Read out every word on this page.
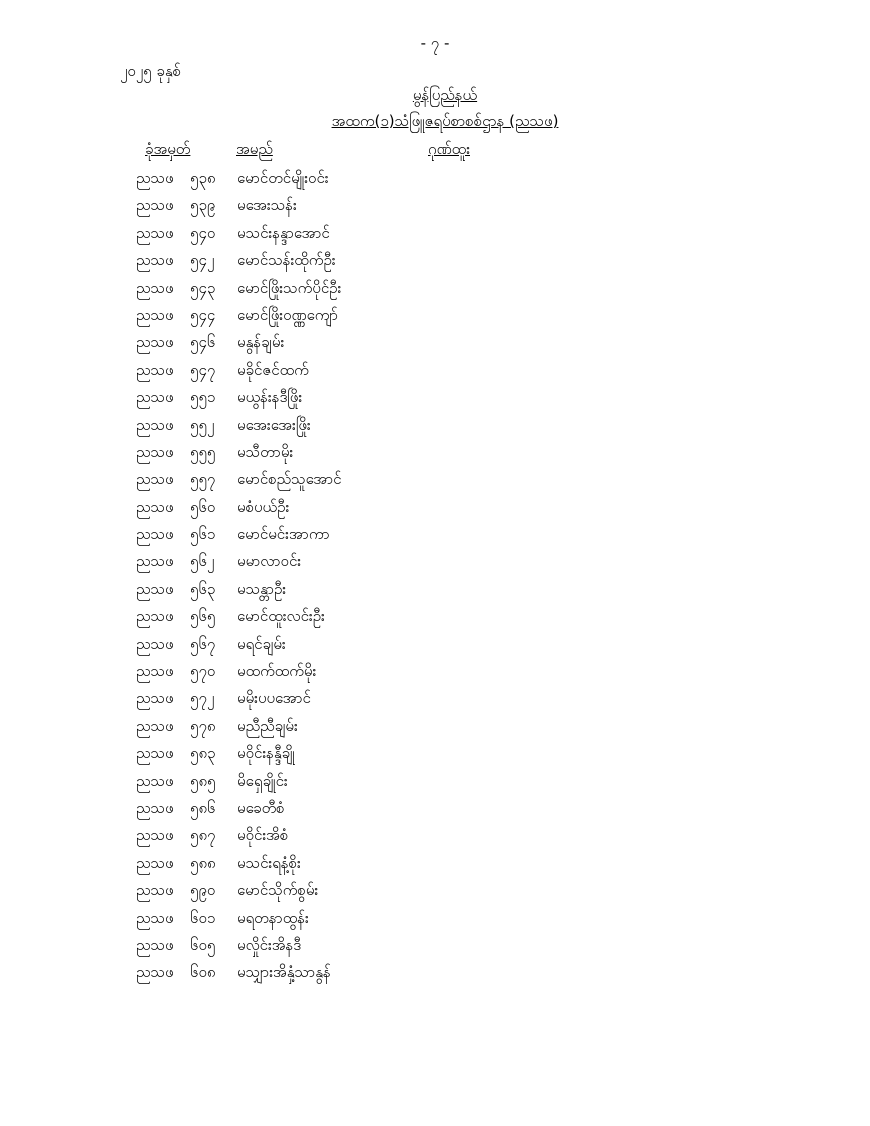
- ၇ -
၂၀၂၅ ခုနှစ်
မွန်ပြည်နယ်
အထက(၁)သံဖြူဇရပ်စာစစ်ဌာန (ညသဖ)
ခုံအမှတ်	အမည်	ဂုဏ်ထူး
ညသဖ ၅၃၈ မောင်တင်မျိုးဝင်း
ညသဖ ၅၃၉ မအေးသန်း
ညသဖ ၅၄၀ မသင်းနန္ဒာအောင်
ညသဖ ၅၄၂ မောင်သန်းထိုက်ဦး
ညသဖ ၅၄၃ မောင်ဖြိုးသက်ပိုင်ဦး
ညသဖ ၅၄၄ မောင်ဖြိုးဝဏ္ဏကျော်
ညသဖ ၅၄၆ မနွန်ချမ်း
ညသဖ ၅၄၇ မခိုင်ဇင်ထက်
ညသဖ ၅၅၁ မယွန်းနဒီဖြိုး
ညသဖ ၅၅၂ မအေးအေးဖြိုး
ညသဖ ၅၅၅ မသီတာမိုး
ညသဖ ၅၅၇ မောင်စည်သူအောင်
ညသဖ ၅၆၀ မစံပယ်ဦး
ညသဖ ၅၆၁ မောင်မင်းအာကာ
ညသဖ ၅၆၂ မမာလာဝင်း
ညသဖ ၅၆၃ မသန္တာဦး
ညသဖ ၅၆၅ မောင်ထူးလင်းဦး
ညသဖ ၅၆၇ မရင်ချမ်း
ညသဖ ၅၇၀ မထက်ထက်မိုး
ညသဖ ၅၇၂ မမိုးပပအောင်
ညသဖ ၅၇၈ မညီညီချမ်း
ညသဖ ၅၈၃ မဝိုင်းနန္ဒီချို
ညသဖ ၅၈၅ မိရှေချိုင်း
ညသဖ ၅၈၆ မခေတီစံ
ညသဖ ၅၈၇ မဝိုင်းအိစံ
ညသဖ ၅၈၈ မသင်းရနံ့စိုး
ညသဖ ၅၉၀ မောင်သိုက်စွမ်း
ညသဖ ၆၀၁ မရတနာထွန်း
ညသဖ ၆၀၅ မလှိုင်းအိနဒီ
ညသဖ ၆၀၈ မသျှားအိနှံ့သာနွန်
